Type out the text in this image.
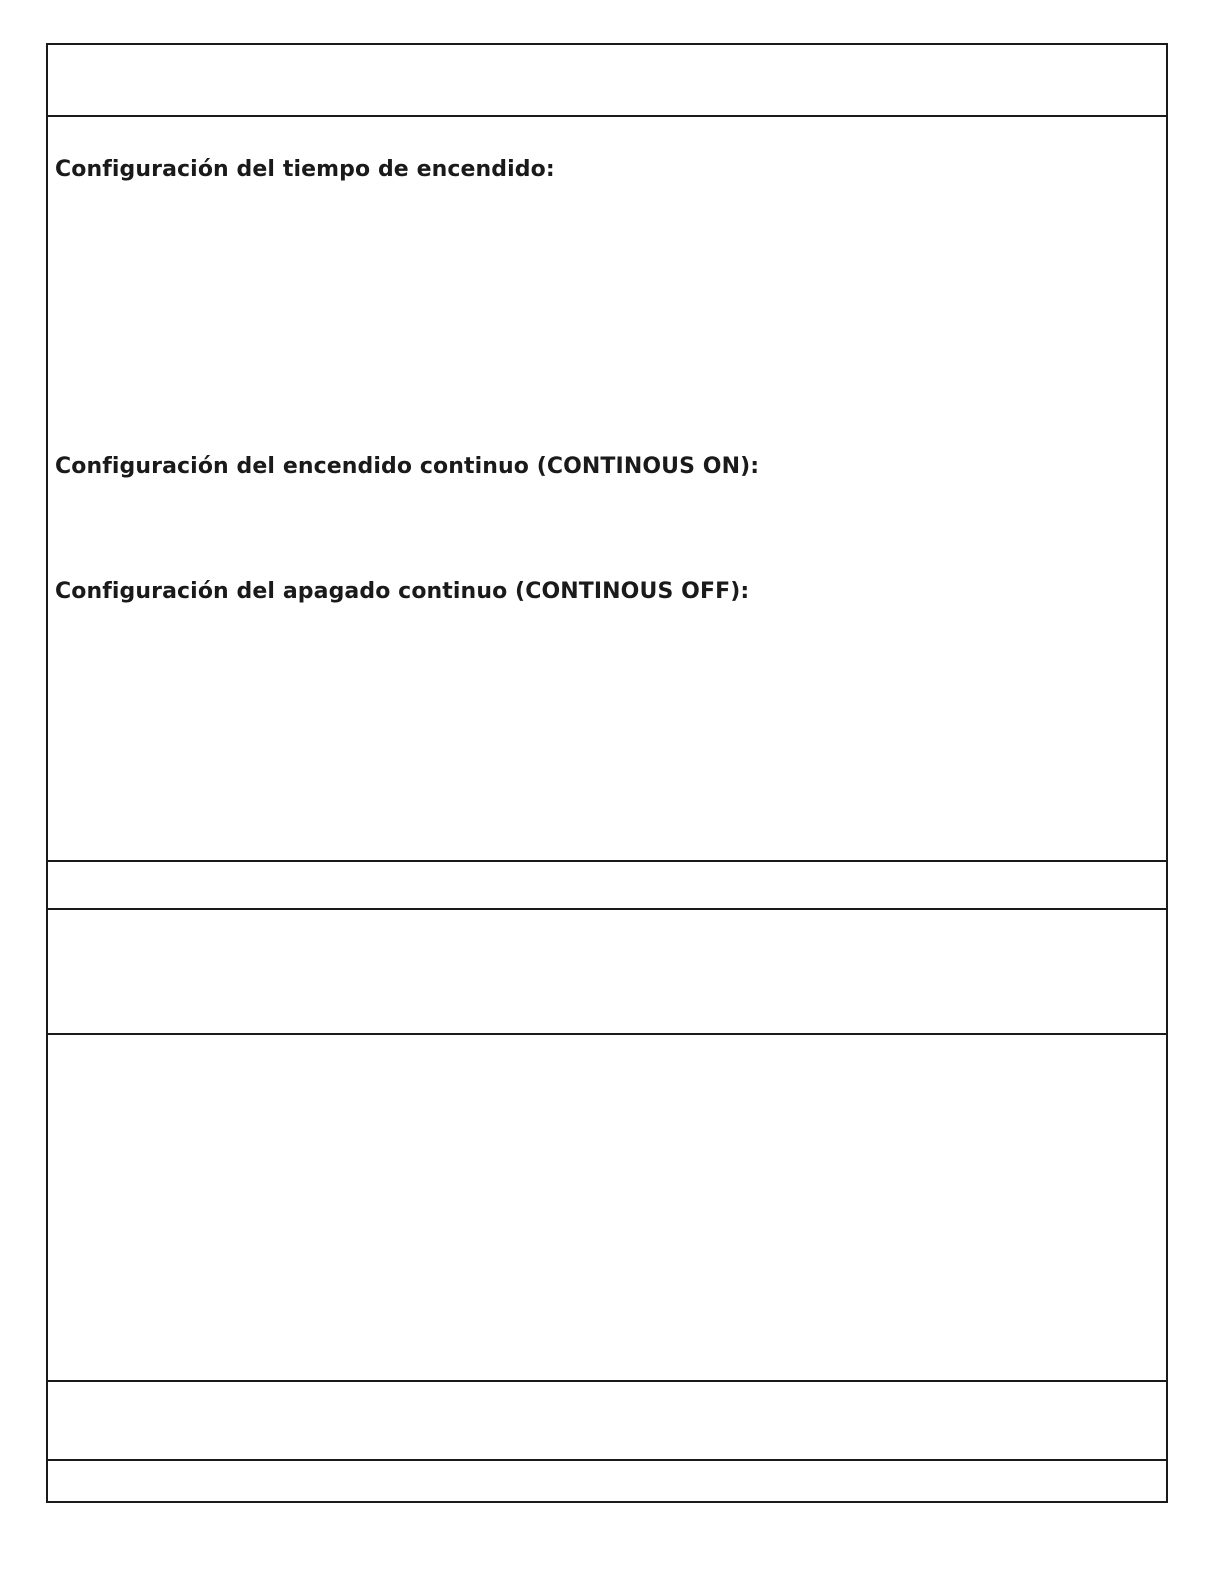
Configuración del tiempo de encendido:
Configuración del encendido continuo (CONTINOUS ON):
Configuración del apagado continuo (CONTINOUS OFF):
